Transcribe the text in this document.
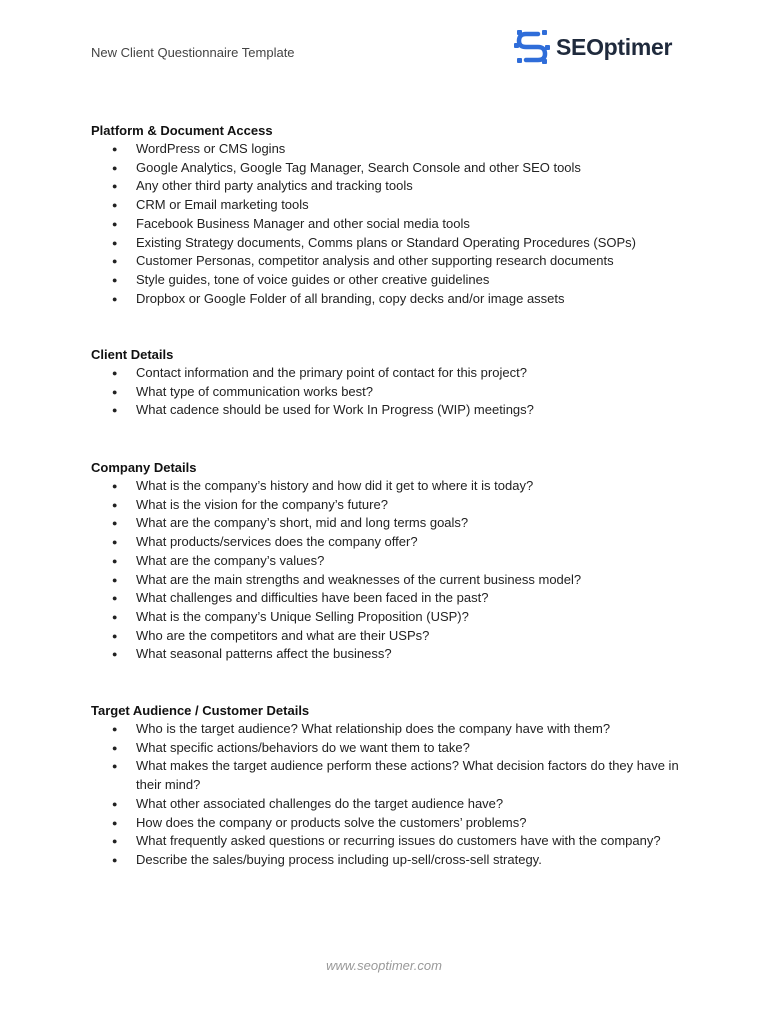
New Client Questionnaire Template	SEOptimer
Platform & Document Access
● WordPress or CMS logins
● Google Analytics, Google Tag Manager, Search Console and other SEO tools
● Any other third party analytics and tracking tools
● CRM or Email marketing tools
● Facebook Business Manager and other social media tools
● Existing Strategy documents, Comms plans or Standard Operating Procedures (SOPs)
● Customer Personas, competitor analysis and other supporting research documents
● Style guides, tone of voice guides or other creative guidelines
● Dropbox or Google Folder of all branding, copy decks and/or image assets
Client Details
● Contact information and the primary point of contact for this project?
● What type of communication works best?
● What cadence should be used for Work In Progress (WIP) meetings?
Company Details
● What is the company’s history and how did it get to where it is today?
● What is the vision for the company’s future?
● What are the company’s short, mid and long terms goals?
● What products/services does the company offer?
● What are the company’s values?
● What are the main strengths and weaknesses of the current business model?
● What challenges and difficulties have been faced in the past?
● What is the company’s Unique Selling Proposition (USP)?
● Who are the competitors and what are their USPs?
● What seasonal patterns affect the business?
Target Audience / Customer Details
● Who is the target audience? What relationship does the company have with them?
● What specific actions/behaviors do we want them to take?
● What makes the target audience perform these actions? What decision factors do they have in their mind?
● What other associated challenges do the target audience have?
● How does the company or products solve the customers’ problems?
● What frequently asked questions or recurring issues do customers have with the company?
● Describe the sales/buying process including up-sell/cross-sell strategy.
www.seoptimer.com
